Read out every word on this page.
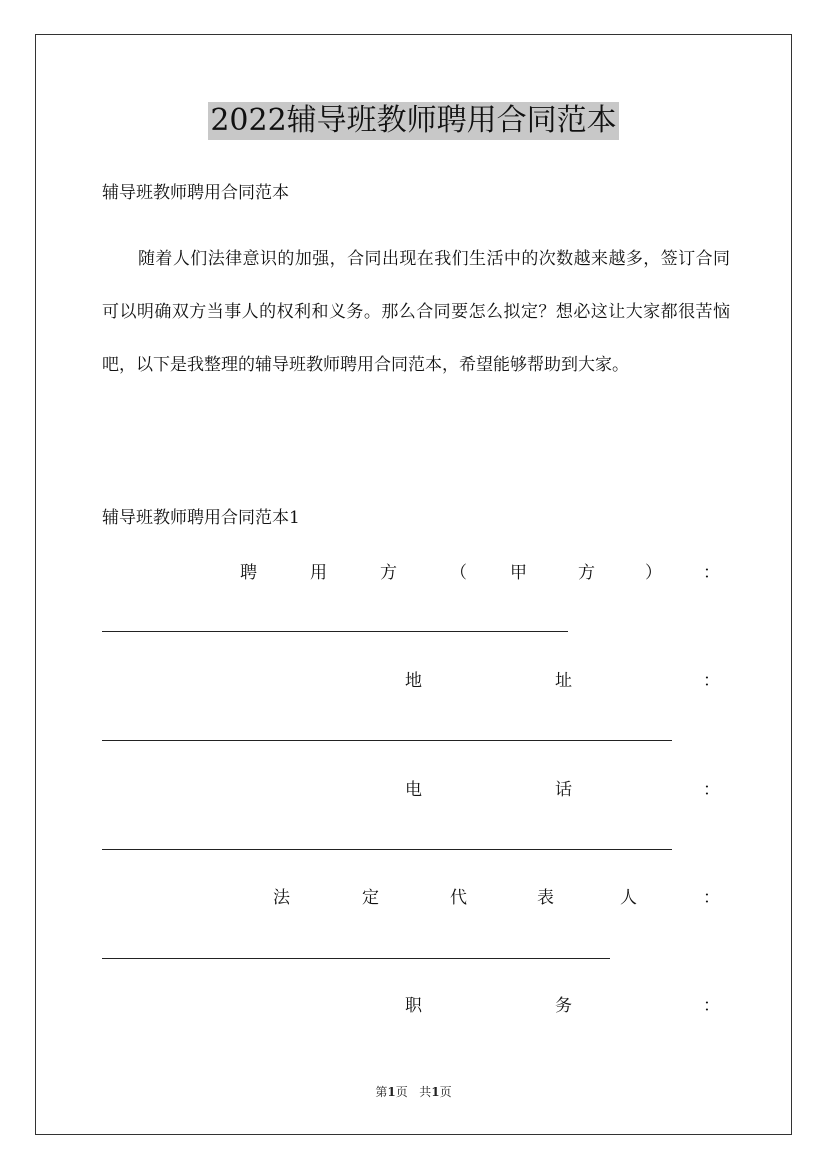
2022辅导班教师聘用合同范本
辅导班教师聘用合同范本

随着人们法律意识的加强，合同出现在我们生活中的次数越来越多，签订合同可以明确双方当事人的权利和义务。那么合同要怎么拟定？想必这让大家都很苦恼吧，以下是我整理的辅导班教师聘用合同范本，希望能够帮助到大家。

辅导班教师聘用合同范本1
聘	用	方	（	甲	方	） ：
地	址	：
电	话	：
法	定	代	表	人	：
职	务	：
第1页 共1页
